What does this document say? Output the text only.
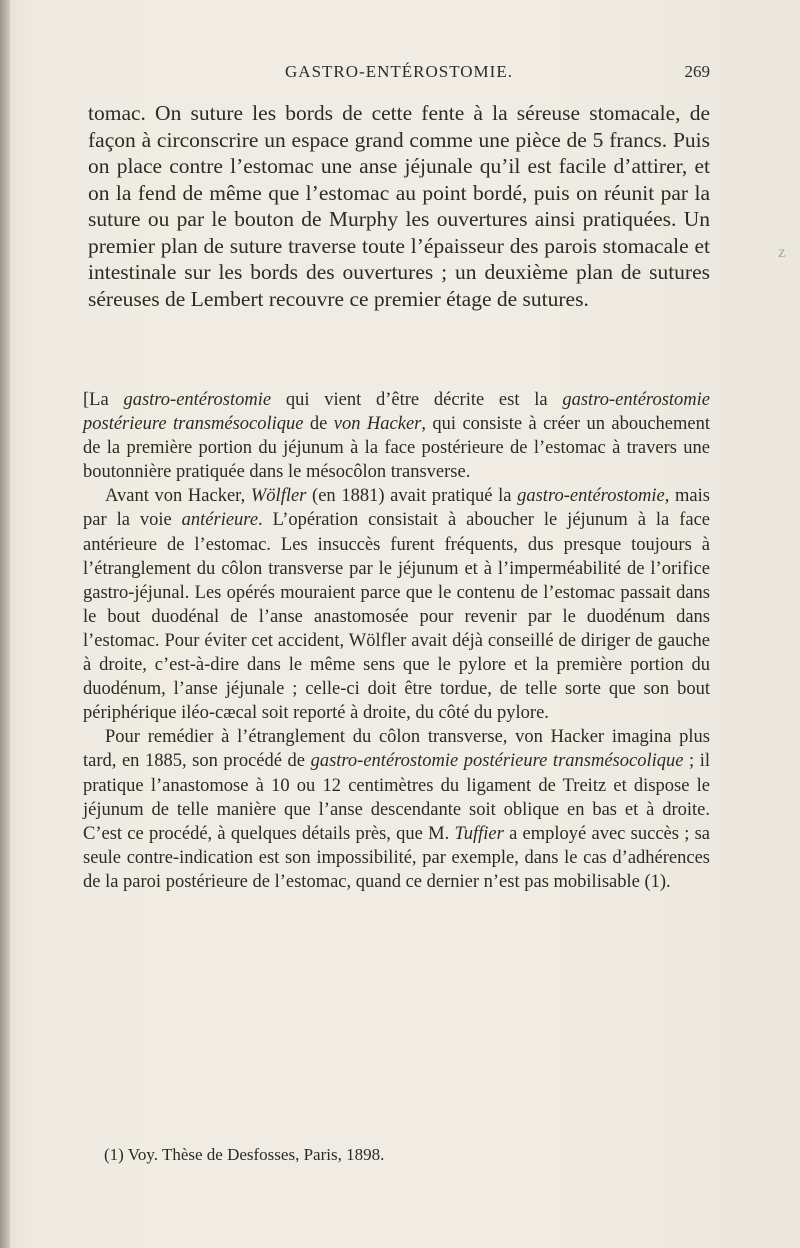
GASTRO-ENTÉROSTOMIE.	269
Z

tomac. On suture les bords de cette fente à la séreuse stomacale, de façon à circonscrire un espace grand comme une pièce de 5 francs. Puis on place contre l’estomac une anse jéjunale qu’il est facile d’attirer, et on la fend de même que l’estomac au point bordé, puis on réunit par la suture ou par le bouton de Murphy les ouvertures ainsi pratiquées. Un premier plan de suture traverse toute l’épaisseur des parois stomacale et intestinale sur les bords des ouvertures ; un deuxième plan de sutures séreuses de Lembert recouvre ce premier étage de sutures.

[La gastro-entérostomie qui vient d’être décrite est la gastro-entérostomie postérieure transmésocolique de von Hacker, qui consiste à créer un abouchement de la première portion du jéjunum à la face postérieure de l’estomac à travers une boutonnière pratiquée dans le mésocôlon transverse.

Avant von Hacker, Wölfler (en 1881) avait pratiqué la gastro-entérostomie, mais par la voie antérieure. L’opération consistait à aboucher le jéjunum à la face antérieure de l’estomac. Les insuccès furent fréquents, dus presque toujours à l’étranglement du côlon transverse par le jéjunum et à l’imperméabilité de l’orifice gastro-jéjunal. Les opérés mouraient parce que le contenu de l’estomac passait dans le bout duodénal de l’anse anastomosée pour revenir par le duodénum dans l’estomac. Pour éviter cet accident, Wölfler avait déjà conseillé de diriger de gauche à droite, c’est-à-dire dans le même sens que le pylore et la première portion du duodénum, l’anse jéjunale ; celle-ci doit être tordue, de telle sorte que son bout périphérique iléo-cæcal soit reporté à droite, du côté du pylore.

Pour remédier à l’étranglement du côlon transverse, von Hacker imagina plus tard, en 1885, son procédé de gastro-entérostomie postérieure transmésocolique ; il pratique l’anastomose à 10 ou 12 centimètres du ligament de Treitz et dispose le jéjunum de telle manière que l’anse descendante soit oblique en bas et à droite. C’est ce procédé, à quelques détails près, que M. Tuffier a employé avec succès ; sa seule contre-indication est son impossibilité, par exemple, dans le cas d’adhérences de la paroi postérieure de l’estomac, quand ce dernier n’est pas mobilisable (1).

(1) Voy. Thèse de Desfosses, Paris, 1898.
